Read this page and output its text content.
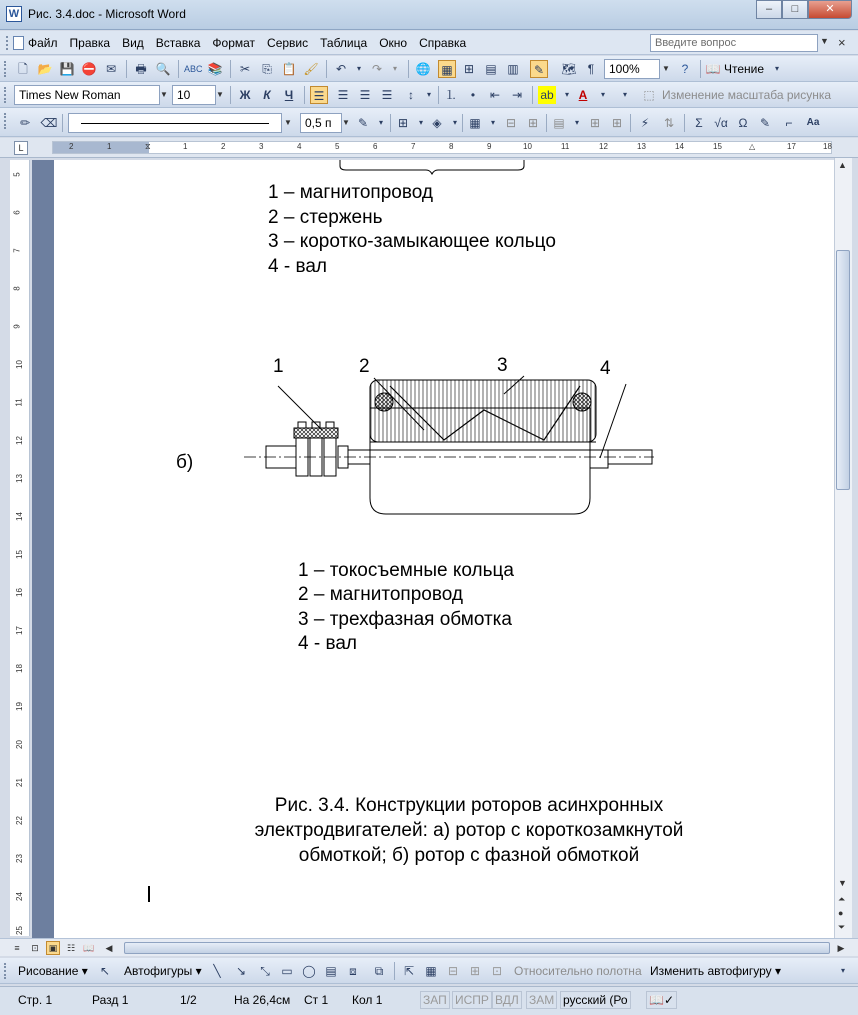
W Рис. 3.4.doc - Microsoft Word	–	□	✕
Файл Правка Вид Вставка Формат Сервис Таблица Окно Справка	Введите вопрос	▼ ×
🗋 📂 💾 ⛔ ✉	🖶 🔍 ABC 📚	✂	⎘ 📋 🖌	↶	▾ ↷	▾	🌐 ▦ ⊞ ▤ ▥	✎	🗺 ¶	100%	▼ ?	📖 Чтение	▾
Times New Roman	▼ 10	▼ Ж	К	Ч	☰	☰ ☰ ☰	↕	▾	⒈	•	⇤ ⇥	ab	▾ A	▾	▾	⬚ Изменение масштаба рисунка
✏ ⌫	▼	0,5 п	▼ ✎	▾	⊞	▾ ◈	▾	▦	▾ ⊟ ⊞	▤	▾ ⊞ ⊞	⚡	⇅	Σ √α Ω	✎	⌐	Aa
L	2	1	⧖	1	2	3	4	5	6	7	8	9	10	11	12	13	14	15	△	17	18
5
6
7
8
9
10
11
12
13
14
15
16
17
18
19
20
21
22
23
24
25
1 – магнитопровод
2 – стержень
3 – коротко-замыкающее кольцо
4 - вал
1	2	3	4
б)
1 – токосъемные кольца
2 – магнитопровод
3 – трехфазная обмотка
4 - вал
Рис. 3.4. Конструкции роторов асинхронных
электродвигателей: а) ротор с короткозамкнутой
обмоткой; б) ротор с фазной обмоткой
▲
▼
⏶
●
⏷
≡	⊡	▣	☷ 📖	◀	▶
Рисование ▾	↖	Автофигуры ▾ ╲	↘	⤡ ▭ ◯ ▤	⧈	⧉	⇱ ▦ ⊟ ⊞ ⊡ Относительно полотна Изменить автофигуру ▾	▾
Стр. 1	Разд 1	1/2	На 26,4см Ст 1 Кол 1	ЗАП ИСПР ВДЛ ЗАМ русский (Ро 📖✓
